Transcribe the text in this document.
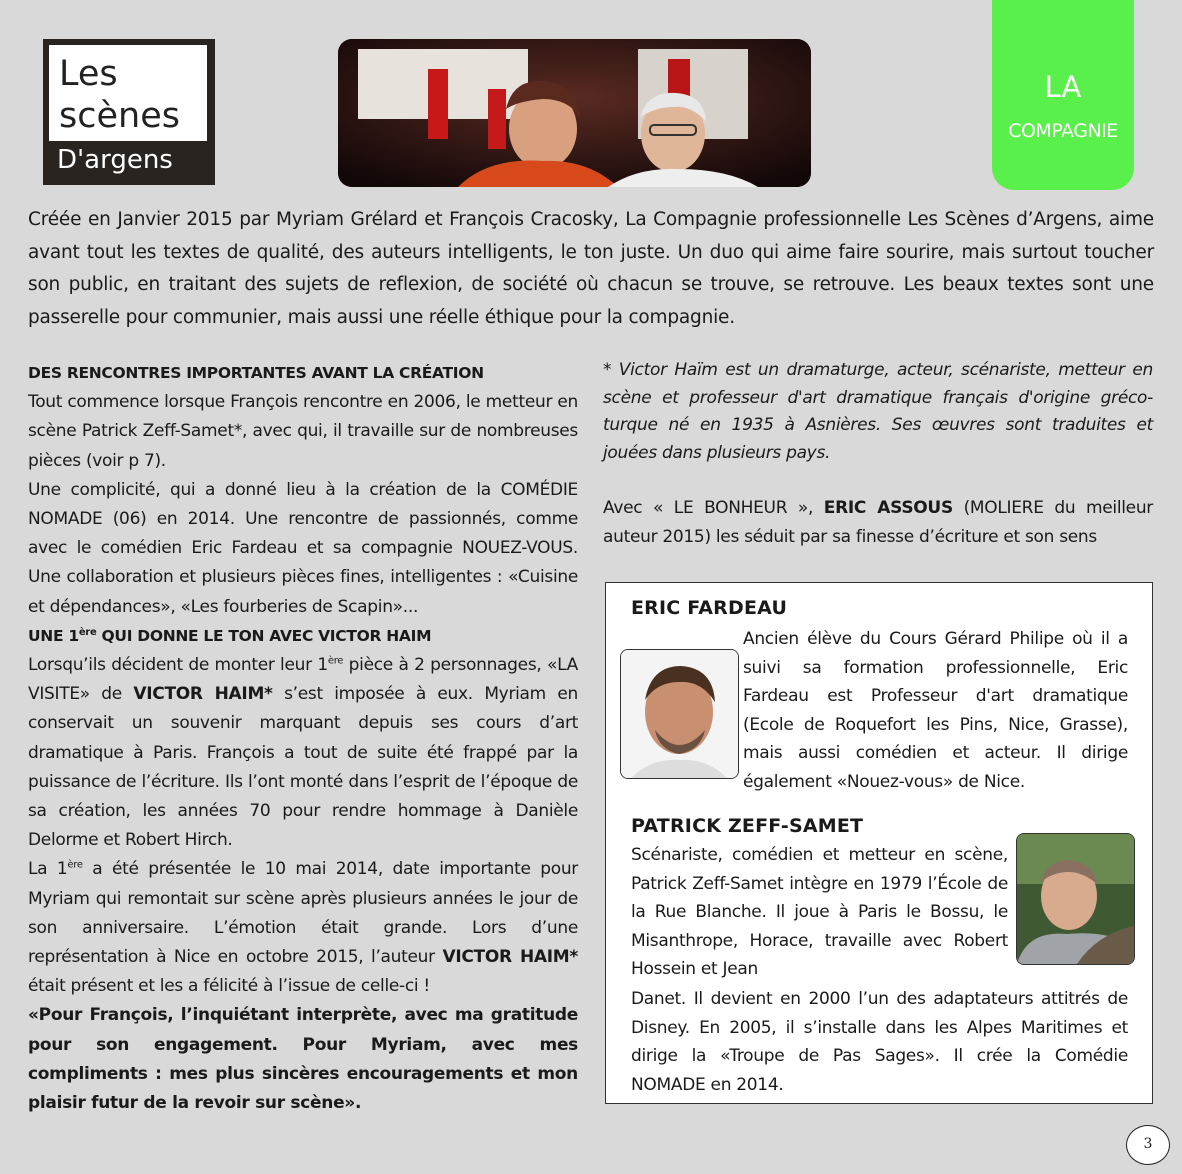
Les
scènes
D'argens
LA
COMPAGNIE

Créée en Janvier 2015 par Myriam Grélard et François Cracosky, La Compagnie professionnelle Les Scènes d’Argens, aime avant tout les textes de qualité, des auteurs intelligents, le ton juste. Un duo qui aime faire sourire, mais surtout toucher son public, en traitant des sujets de reflexion, de société où chacun se trouve, se retrouve. Les beaux textes sont une passerelle pour communier, mais aussi une réelle éthique pour la compagnie.

DES RENCONTRES IMPORTANTES AVANT LA CRÉATION

Tout commence lorsque François rencontre en 2006, le metteur en scène Patrick Zeff-Samet*, avec qui, il travaille sur de nombreuses pièces (voir p 7).

Une complicité, qui a donné lieu à la création de la COMÉDIE NOMADE (06) en 2014. Une rencontre de passionnés, comme avec le comédien Eric Fardeau et sa compagnie NOUEZ-VOUS. Une collaboration et plusieurs pièces fines, intelligentes : «Cuisine et dépendances», «Les fourberies de Scapin»...

UNE 1ère QUI DONNE LE TON AVEC VICTOR HAIM

Lorsqu’ils décident de monter leur 1ère pièce à 2 personnages, «LA VISITE» de VICTOR HAIM* s’est imposée à eux. Myriam en conservait un souvenir marquant depuis ses cours d’art dramatique à Paris. François a tout de suite été frappé par la puissance de l’écriture. Ils l’ont monté dans l’esprit de l’époque de sa création, les années 70 pour rendre hommage à Danièle Delorme et Robert Hirch.

La 1ère a été présentée le 10 mai 2014, date importante pour Myriam qui remontait sur scène après plusieurs années le jour de son anniversaire. L’émotion était grande. Lors d’une représentation à Nice en octobre 2015, l’auteur VICTOR HAIM* était présent et les a félicité à l’issue de celle-ci !

«Pour François, l’inquiétant interprète, avec ma gratitude pour son engagement. Pour Myriam, avec mes compliments : mes plus sincères encouragements et mon plaisir futur de la revoir sur scène».

* Victor Haïm est un dramaturge, acteur, scénariste, metteur en scène et professeur d'art dramatique français d'origine gréco-turque né en 1935 à Asnières. Ses œuvres sont traduites et jouées dans plusieurs pays.

Avec « LE BONHEUR », ERIC ASSOUS (MOLIERE du meilleur auteur 2015) les séduit par sa finesse d’écriture et son sens

ERIC FARDEAU

Ancien élève du Cours Gérard Philipe où il a suivi sa formation professionnelle, Eric Fardeau est Professeur d'art dramatique (Ecole de Roquefort les Pins, Nice, Grasse), mais aussi comédien et acteur. Il dirige également «Nouez-vous» de Nice.

PATRICK ZEFF-SAMET

Scénariste, comédien et metteur en scène, Patrick Zeff-Samet intègre en 1979 l’École de la Rue Blanche. Il joue à Paris le Bossu, le Misanthrope, Horace, travaille avec Robert Hossein et Jean

Danet. Il devient en 2000 l’un des adaptateurs attitrés de Disney. En 2005, il s’installe dans les Alpes Maritimes et dirige la «Troupe de Pas Sages». Il crée la Comédie NOMADE en 2014.

3
